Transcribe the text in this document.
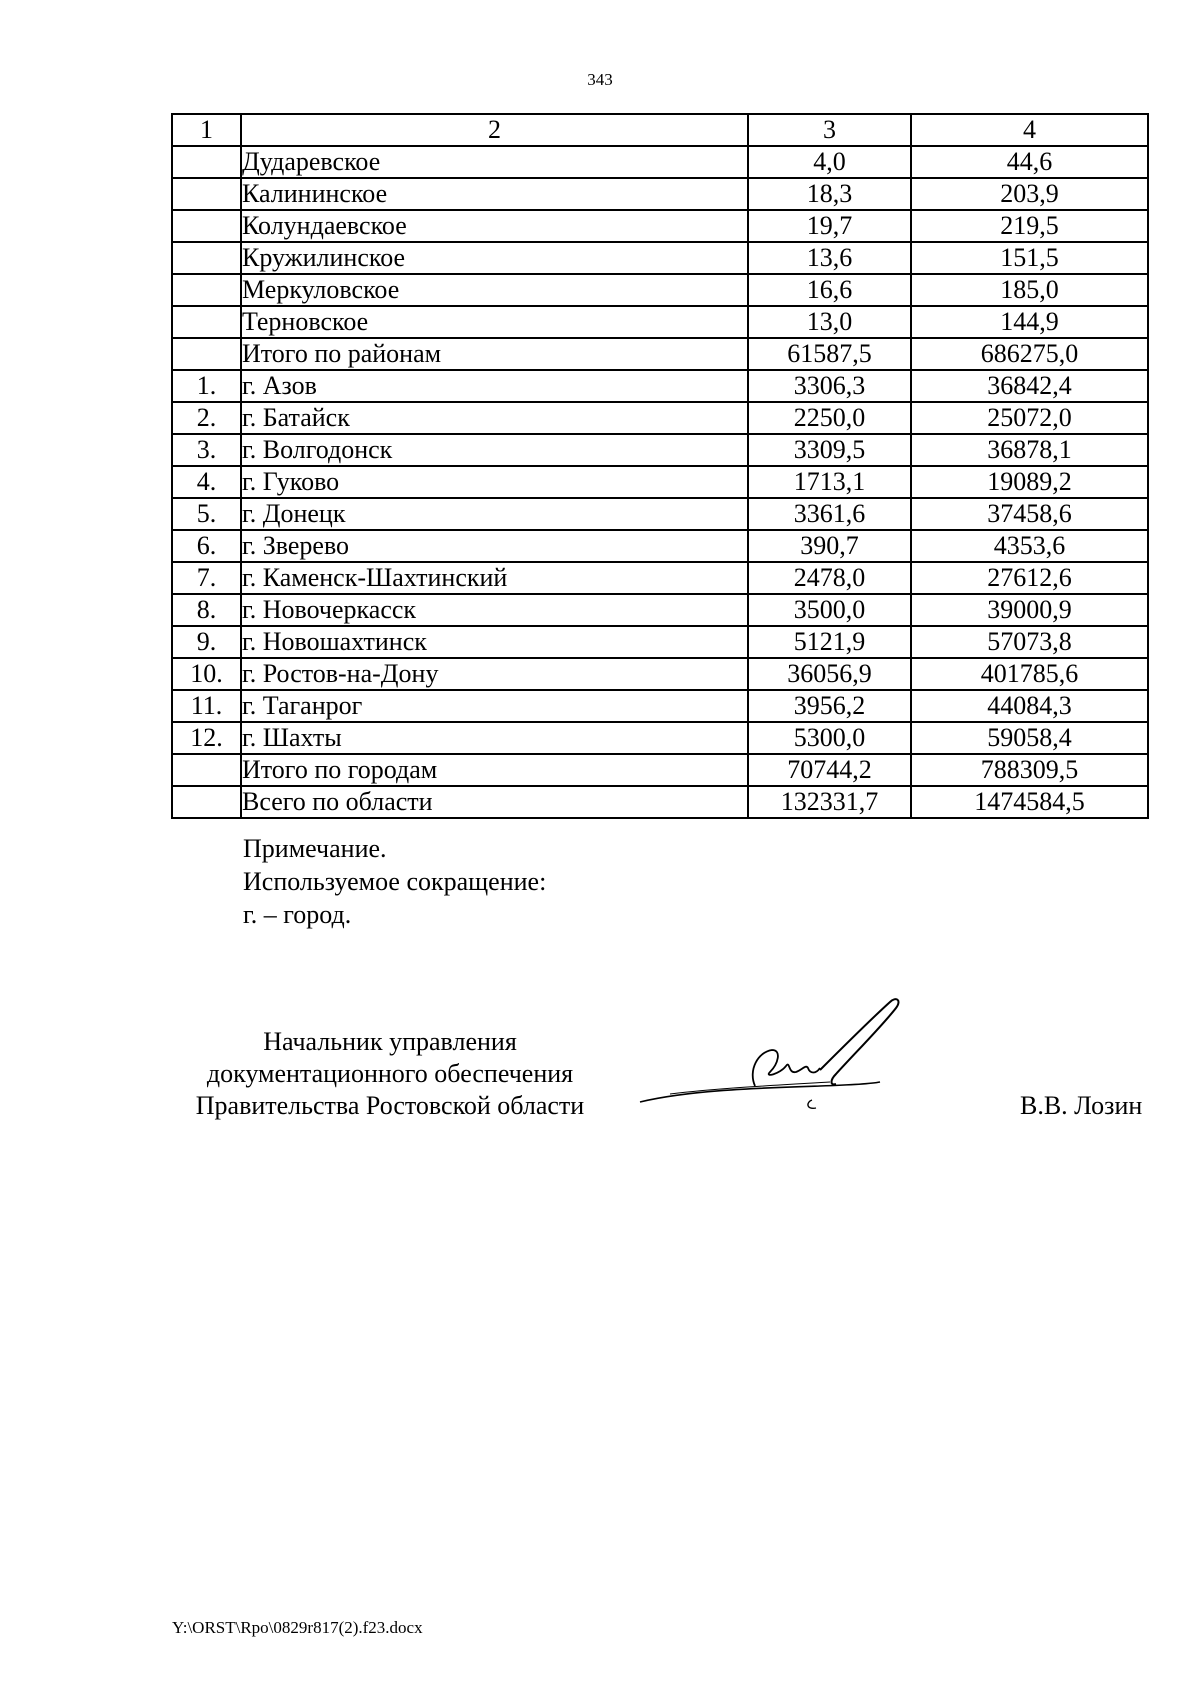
343
1	2	3	4
	Дударевское	4,0	44,6
	Калининское	18,3	203,9
	Колундаевское	19,7	219,5
	Кружилинское	13,6	151,5
	Меркуловское	16,6	185,0
	Терновское	13,0	144,9
	Итого по районам	61587,5	686275,0
1.	г. Азов	3306,3	36842,4
2.	г. Батайск	2250,0	25072,0
3.	г. Волгодонск	3309,5	36878,1
4.	г. Гуково	1713,1	19089,2
5.	г. Донецк	3361,6	37458,6
6.	г. Зверево	390,7	4353,6
7.	г. Каменск-Шахтинский	2478,0	27612,6
8.	г. Новочеркасск	3500,0	39000,9
9.	г. Новошахтинск	5121,9	57073,8
10.	г. Ростов-на-Дону	36056,9	401785,6
11.	г. Таганрог	3956,2	44084,3
12.	г. Шахты	5300,0	59058,4
	Итого по городам	70744,2	788309,5
	Всего по области	132331,7	1474584,5
Примечание.
Используемое сокращение:
г. – город.
Начальник управления
документационного обеспечения
Правительства Ростовской области	В.В. Лозин
Y:\ORST\Rpo\0829r817(2).f23.docx
